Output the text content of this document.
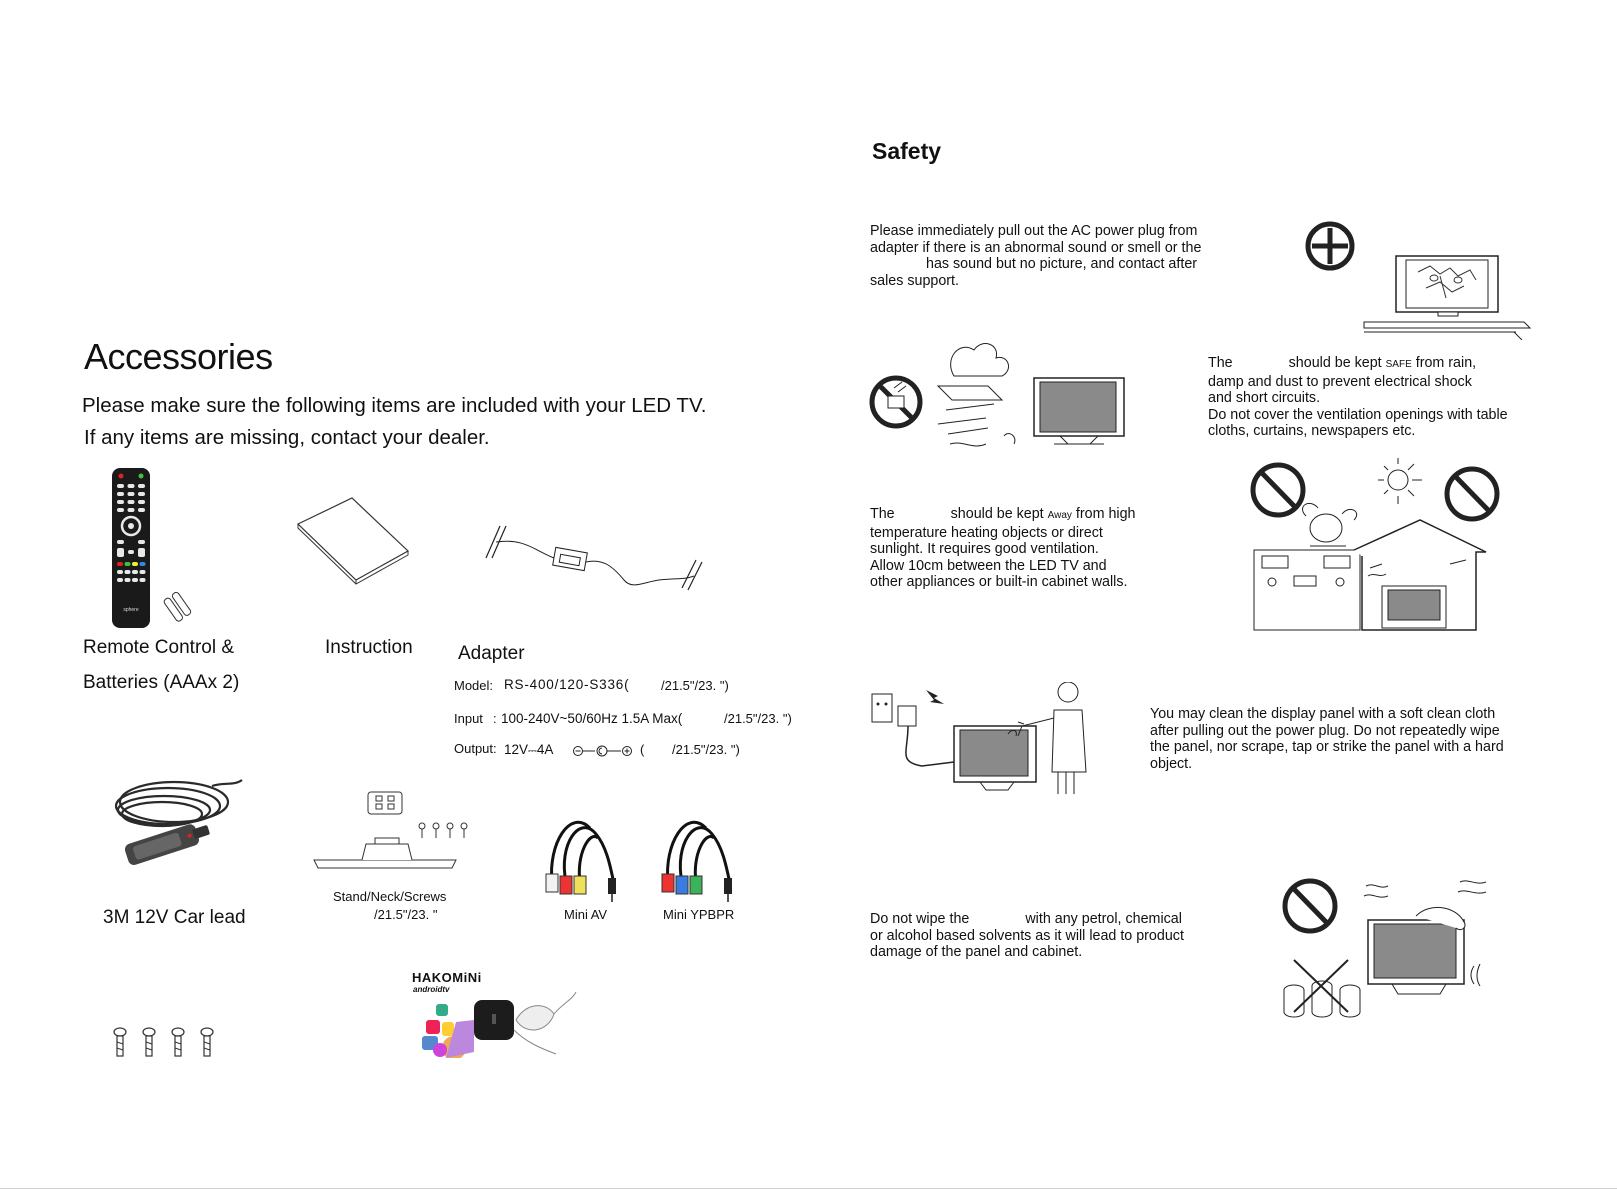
Accessories
Please make sure the following items are included with your LED TV.
If any items are missing, contact your dealer.
sphere
Remote Control &
Batteries (AAAx 2)
Instruction Adapter
Model: RS-400/120-S336( /21.5"/23. ")
Input : 100-240V~50/60Hz 1.5A Max(	/21.5"/23. ")
Output: 12V⎓4A	( /21.5"/23. ")
3M 12V Car lead
Stand/Neck/Screws
/21.5"/23. "	Mini AV	Mini YPBPR
HAKOMiNi
androidtv
Safety
Please immediately pull out the AC power plug from
adapter if there is an abnormal sound or smell or the
has sound but no picture, and contact after
sales support.
The	should be kept SAFE from rain,
damp and dust to prevent electrical shock
and short circuits.
Do not cover the ventilation openings with table
cloths, curtains, newspapers etc.
The	should be kept Away from high
temperature heating objects or direct
sunlight. It requires good ventilation.
Allow 10cm between the LED TV and
other appliances or built-in cabinet walls.
You may clean the display panel with a soft clean cloth
after pulling out the power plug. Do not repeatedly wipe
the panel, nor scrape, tap or strike the panel with a hard
object.
Do not wipe the	with any petrol, chemical
or alcohol based solvents as it will lead to product
damage of the panel and cabinet.
